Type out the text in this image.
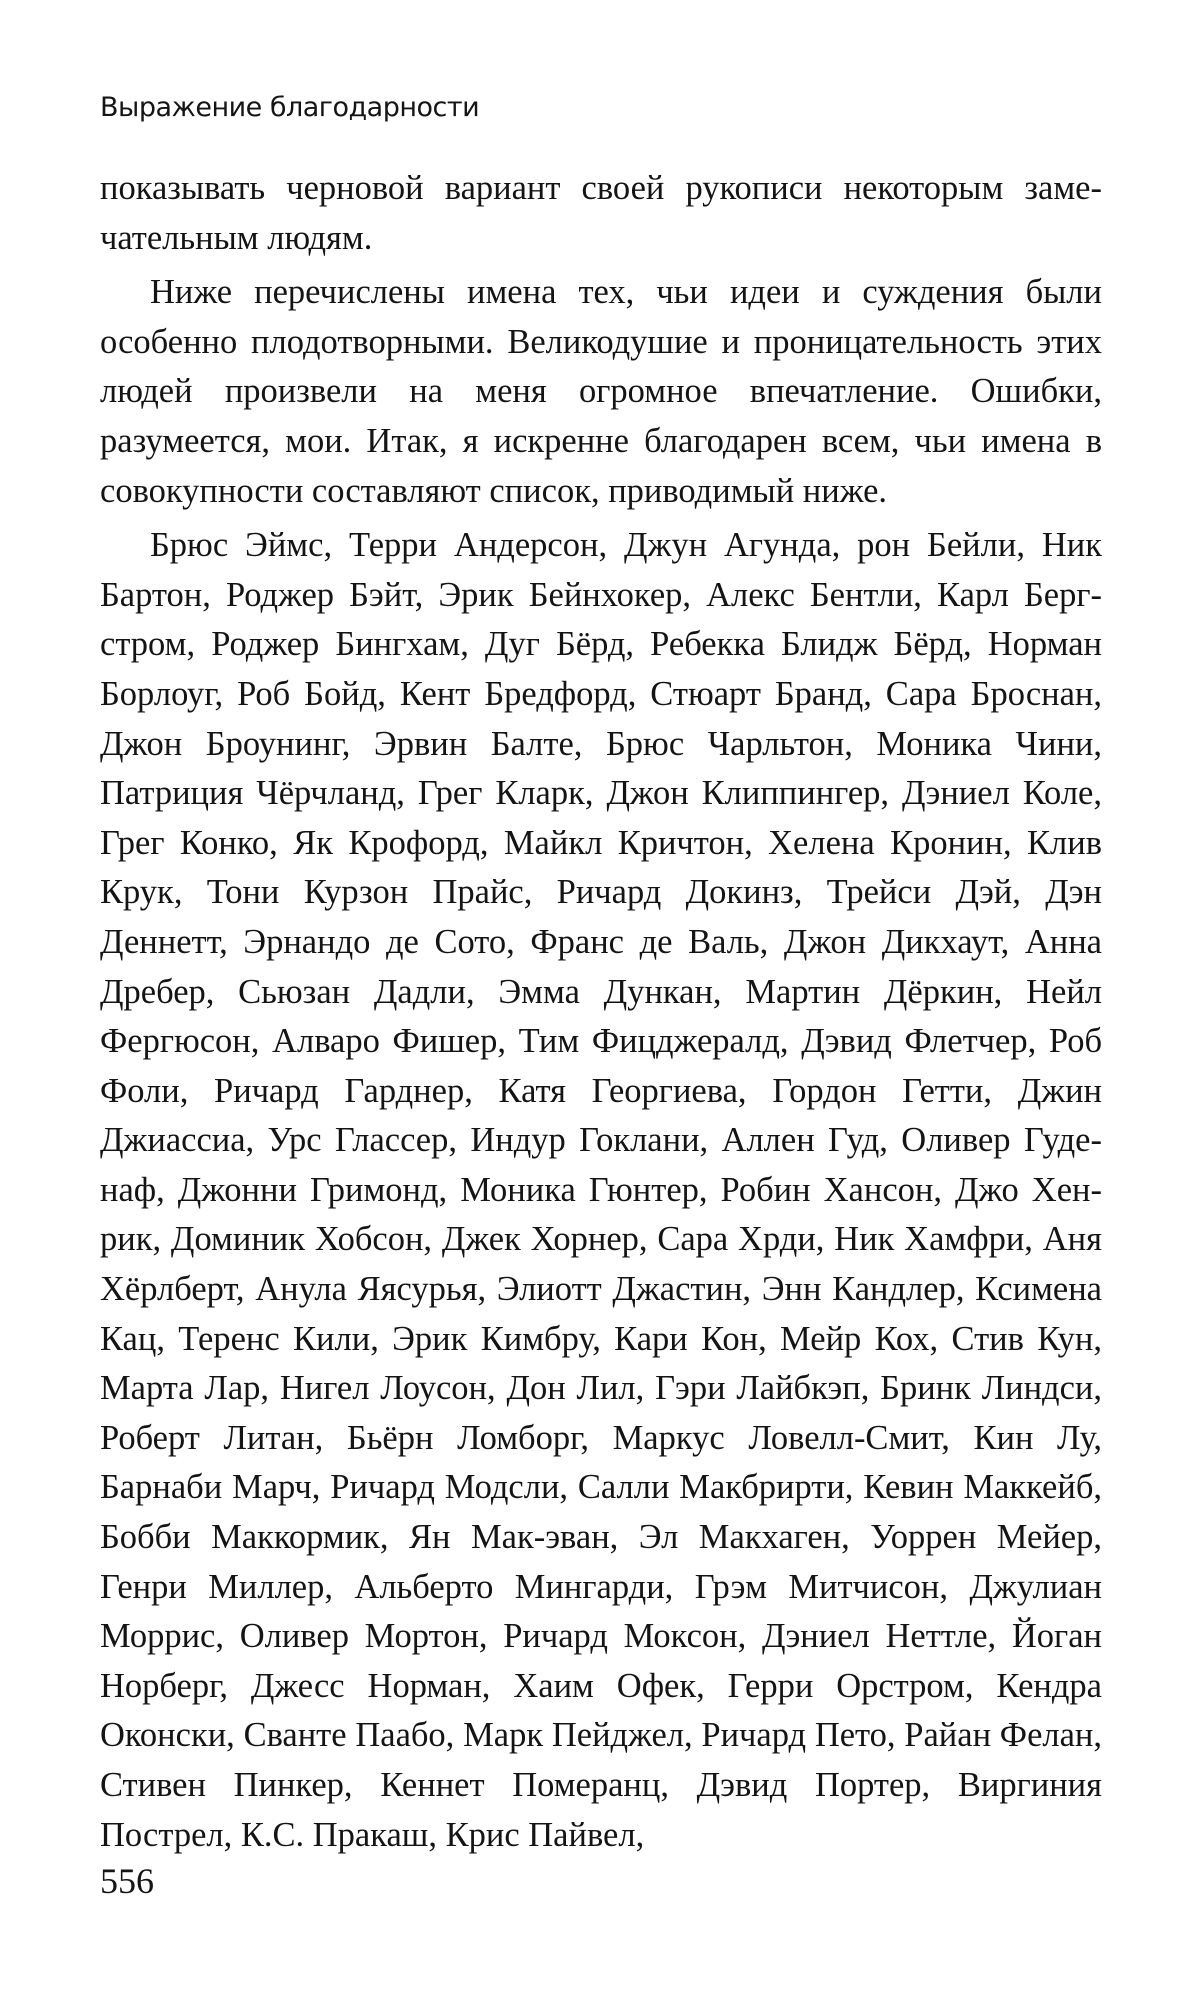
Выражение благодарности

показывать черновой вариант своей рукописи некоторым замечательным людям.

Ниже перечислены имена тех, чьи идеи и суждения были особенно плодотворными. Великодушие и проницательность этих людей произвели на меня огромное впечатление. Ошибки, разумеется, мои. Итак, я искренне благодарен всем, чьи имена в совокупности составляют список, приводимый ниже.

Брюс Эймс, Терри Андерсон, Джун Агунда, рон Бейли, Ник Бартон, Роджер Бэйт, Эрик Бейнхокер, Алекс Бентли, Карл Бергстром, Роджер Бингхам, Дуг Бёрд, Ребекка Блидж Бёрд, Норман Борлоуг, Роб Бойд, Кент Бредфорд, Стюарт Бранд, Сара Броснан, Джон Броунинг, Эрвин Балте, Брюс Чарльтон, Моника Чини, Патриция Чёрчланд, Грег Кларк, Джон Клиппингер, Дэниел Коле, Грег Конко, Як Крофорд, Майкл Кричтон, Хелена Кронин, Клив Крук, Тони Курзон Прайс, Ричард Докинз, Трейси Дэй, Дэн Деннетт, Эрнандо де Сото, Франс де Валь, Джон Дикхаут, Анна Дребер, Сьюзан Дадли, Эмма Дункан, Мартин Дёркин, Нейл Фергюсон, Алваро Фишер, Тим Фицджералд, Дэвид Флетчер, Роб Фоли, Ричард Гарднер, Катя Георгиева, Гордон Гетти, Джин Джиассиа, Урс Глассер, Индур Гоклани, Аллен Гуд, Оливер Гуденаф, Джонни Гримонд, Моника Гюнтер, Робин Хансон, Джо Хенрик, Доминик Хобсон, Джек Хорнер, Сара Хрди, Ник Хамфри, Аня Хёрлберт, Анула Яясурья, Элиотт Джастин, Энн Кандлер, Ксимена Кац, Теренс Кили, Эрик Кимбру, Кари Кон, Мейр Кох, Стив Кун, Марта Лар, Нигел Лоусон, Дон Лил, Гэри Лайбкэп, Бринк Линдси, Роберт Литан, Бьёрн Ломборг, Маркус Ловелл-Смит, Кин Лу, Барнаби Марч, Ричард Модсли, Салли Макбрирти, Кевин Маккейб, Бобби Маккормик, Ян Мак-эван, Эл Макхаген, Уоррен Мейер, Генри Миллер, Альберто Мингарди, Грэм Митчисон, Джулиан Моррис, Оливер Мортон, Ричард Моксон, Дэниел Неттле, Йоган Норберг, Джесс Норман, Хаим Офек, Герри Орстром, Кендра Оконски, Сванте Паабо, Марк Пейджел, Ричард Пето, Райан Фелан, Стивен Пинкер, Кеннет Померанц, Дэвид Портер, Виргиния Пострел, К.С. Пракаш, Крис Пайвел,

556
